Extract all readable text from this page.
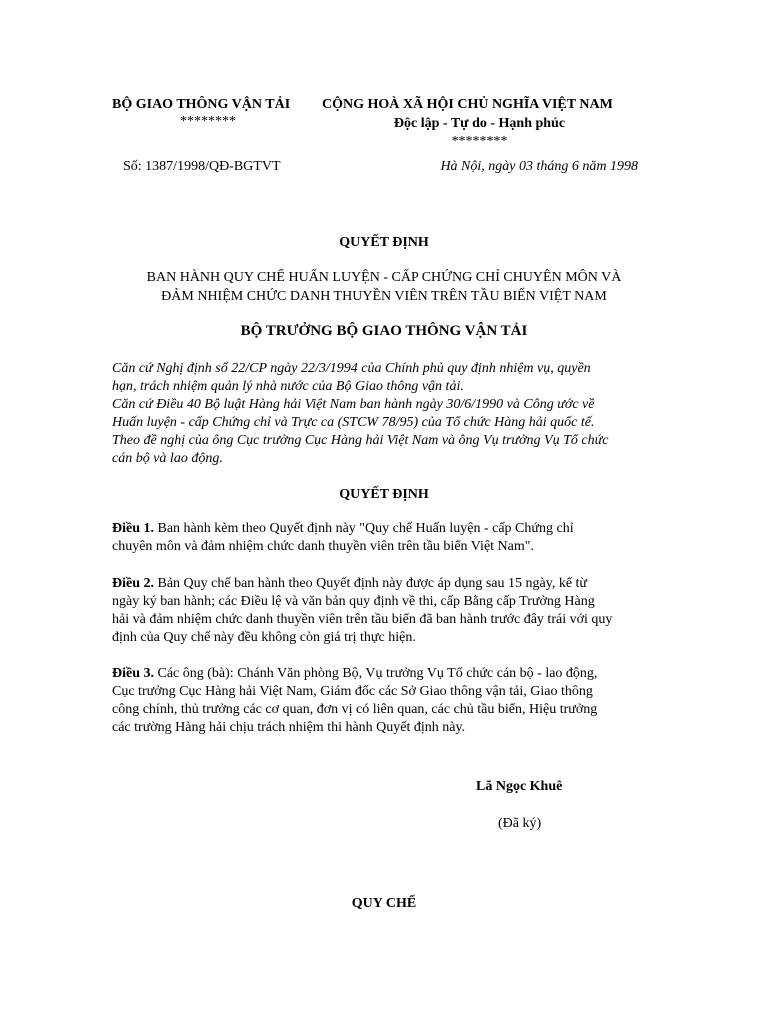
BỘ GIAO THÔNG VẬN TẢI
********
CỘNG HOÀ XÃ HỘI CHỦ NGHĨA VIỆT NAM
Độc lập - Tự do - Hạnh phúc
********
Số: 1387/1998/QĐ-BGTVT	Hà Nội, ngày 03 tháng 6 năm 1998
QUYẾT ĐỊNH
BAN HÀNH QUY CHẾ HUẤN LUYỆN - CẤP CHỨNG CHỈ CHUYÊN MÔN VÀ
ĐẢM NHIỆM CHỨC DANH THUYỀN VIÊN TRÊN TẦU BIỂN VIỆT NAM
BỘ TRƯỞNG BỘ GIAO THÔNG VẬN TẢI
Căn cứ Nghị định số 22/CP ngày 22/3/1994 của Chính phủ quy định nhiệm vụ, quyền
hạn, trách nhiệm quản lý nhà nước của Bộ Giao thông vận tải.
Căn cứ Điều 40 Bộ luật Hàng hải Việt Nam ban hành ngày 30/6/1990 và Công ước về
Huấn luyện - cấp Chứng chỉ và Trực ca (STCW 78/95) của Tổ chức Hàng hải quốc tế.
Theo đề nghị của ông Cục trưởng Cục Hàng hải Việt Nam và ông Vụ trưởng Vụ Tổ chức
cán bộ và lao động.
QUYẾT ĐỊNH
Điều 1. Ban hành kèm theo Quyết định này "Quy chế Huấn luyện - cấp Chứng chỉ
chuyên môn và đảm nhiệm chức danh thuyền viên trên tầu biển Việt Nam".
Điều 2. Bản Quy chế ban hành theo Quyết định này được áp dụng sau 15 ngày, kể từ
ngày ký ban hành; các Điều lệ và văn bản quy định về thi, cấp Bằng cấp Trưởng Hàng
hải và đảm nhiệm chức danh thuyền viên trên tầu biển đã ban hành trước đây trái với quy
định của Quy chế này đều không còn giá trị thực hiện.
Điều 3. Các ông (bà): Chánh Văn phòng Bộ, Vụ trưởng Vụ Tổ chức cán bộ - lao động,
Cục trưởng Cục Hàng hải Việt Nam, Giám đốc các Sở Giao thông vận tải, Giao thông
công chính, thủ trưởng các cơ quan, đơn vị có liên quan, các chủ tầu biển, Hiệu trưởng
các trường Hàng hải chịu trách nhiệm thi hành Quyết định này.
Lã Ngọc Khuê
(Đã ký)
QUY CHẾ
